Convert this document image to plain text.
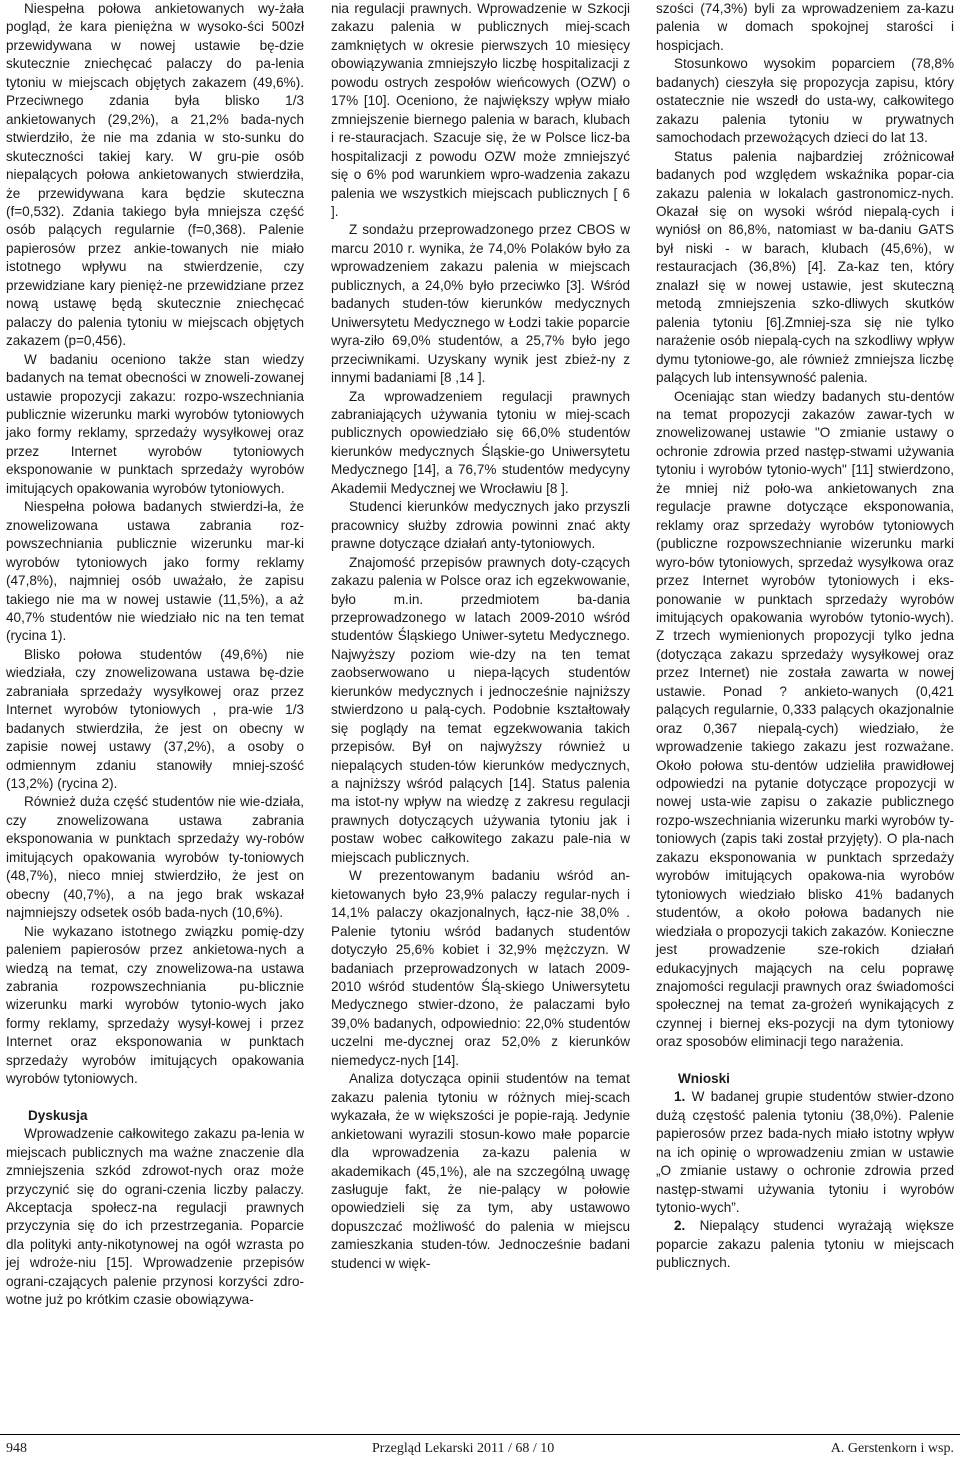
Niespełna połowa ankietowanych wy-żała pogląd, że kara pieniężna w wysoko-ści 500zł przewidywana w nowej ustawie bę-dzie skutecznie zniechęcać palaczy do pa-lenia tytoniu w miejscach objętych zakazem (49,6%). Przeciwnego zdania była blisko 1/3 ankietowanych (29,2%), a 21,2% bada-nych stwierdziło, że nie ma zdania w sto-sunku do skuteczności takiej kary. W gru-pie osób niepalących połowa ankietowanych stwierdziła, że przewidywana kara będzie skuteczna (f=0,532). Zdania takiego była mniejsza część osób palących regularnie (f=0,368). Palenie papierosów przez ankie-towanych nie miało istotnego wpływu na stwierdzenie, czy przewidziane kary pienięż-ne przewidziane przez nową ustawę będą skutecznie zniechęcać palaczy do palenia tytoniu w miejscach objętych zakazem (p=0,456).

W badaniu oceniono także stan wiedzy badanych na temat obecności w znoweli-zowanej ustawie propozycji zakazu: rozpo-wszechniania publicznie wizerunku marki wyrobów tytoniowych jako formy reklamy, sprzedaży wysyłkowej oraz przez Internet wyrobów tytoniowych eksponowanie w punktach sprzedaży wyrobów imitujących opakowania wyrobów tytoniowych.

Niespełna połowa badanych stwierdzi-ła, że znowelizowana ustawa zabrania roz-powszechniania publicznie wizerunku mar-ki wyrobów tytoniowych jako formy reklamy (47,8%), najmniej osób uważało, że zapisu takiego nie ma w nowej ustawie (11,5%), a aż 40,7% studentów nie wiedziało nic na ten temat (rycina 1).

Blisko połowa studentów (49,6%) nie wiedziała, czy znowelizowana ustawa bę-dzie zabraniała sprzedaży wysyłkowej oraz przez Internet wyrobów tytoniowych , pra-wie 1/3 badanych stwierdziła, że jest on obecny w zapisie nowej ustawy (37,2%), a osoby o odmiennym zdaniu stanowiły mniej-szość (13,2%) (rycina 2).

Również duża część studentów nie wie-działa, czy znowelizowana ustawa zabrania eksponowania w punktach sprzedaży wy-robów imitujących opakowania wyrobów ty-toniowych (48,7%), nieco mniej stwierdziło, że jest on obecny (40,7%), a na jego brak wskazał najmniejszy odsetek osób bada-nych (10,6%).

Nie wykazano istotnego związku pomię-dzy paleniem papierosów przez ankietowa-nych a wiedzą na temat, czy znowelizowa-na ustawa zabrania rozpowszechniania pu-blicznie wizerunku marki wyrobów tytonio-wych jako formy reklamy, sprzedaży wysył-kowej i przez Internet oraz eksponowania w punktach sprzedaży wyrobów imitujących opakowania wyrobów tytoniowych.

Dyskusja

Wprowadzenie całkowitego zakazu pa-lenia w miejscach publicznych ma ważne znaczenie dla zmniejszenia szkód zdrowot-nych oraz może przyczynić się do ograni-czenia liczby palaczy. Akceptacja społecz-na regulacji prawnych przyczynia się do ich przestrzegania. Poparcie dla polityki anty-nikotynowej na ogół wzrasta po jej wdroże-niu [15]. Wprowadzenie przepisów ograni-czających palenie przynosi korzyści zdro-wotne już po krótkim czasie obowiązywa-

nia regulacji prawnych. Wprowadzenie w Szkocji zakazu palenia w publicznych miej-scach zamkniętych w okresie pierwszych 10 miesięcy obowiązywania zmniejszyło liczbę hospitalizacji z powodu ostrych zespołów wieńcowych (OZW) o 17% [10]. Oceniono, że największy wpływ miało zmniejszenie biernego palenia w barach, klubach i re-stauracjach. Szacuje się, że w Polsce licz-ba hospitalizacji z powodu OZW może zmniejszyć się o 6% pod warunkiem wpro-wadzenia zakazu palenia we wszystkich miejscach publicznych [ 6 ].

Z sondażu przeprowadzonego przez CBOS w marcu 2010 r. wynika, że 74,0% Polaków było za wprowadzeniem zakazu palenia w miejscach publicznych, a 24,0% było przeciwko [3]. Wśród badanych studen-tów kierunków medycznych Uniwersytetu Medycznego w Łodzi takie poparcie wyra-ziło 69,0% studentów, a 25,7% było jego przeciwnikami. Uzyskany wynik jest zbież-ny z innymi badaniami [8 ,14 ].

Za wprowadzeniem regulacji prawnych zabraniających używania tytoniu w miej-scach publicznych opowiedziało się 66,0% studentów kierunków medycznych Śląskie-go Uniwersytetu Medycznego [14], a 76,7% studentów medycyny Akademii Medycznej we Wrocławiu [8 ].

Studenci kierunków medycznych jako przyszli pracownicy służby zdrowia powinni znać akty prawne dotyczące działań anty-tytoniowych.

Znajomość przepisów prawnych doty-czących zakazu palenia w Polsce oraz ich egzekwowanie, było m.in. przedmiotem ba-dania przeprowadzonego w latach 2009-2010 wśród studentów Śląskiego Uniwer-sytetu Medycznego. Najwyższy poziom wie-dzy na ten temat zaobserwowano u niepa-lących studentów kierunków medycznych i jednocześnie najniższy stwierdzono u palą-cych. Podobnie kształtowały się poglądy na temat egzekwowania takich przepisów. Był on najwyższy również u niepalących studen-tów kierunków medycznych, a najniższy wśród palących [14]. Status palenia ma istot-ny wpływ na wiedzę z zakresu regulacji prawnych dotyczących używania tytoniu jak i postaw wobec całkowitego zakazu pale-nia w miejscach publicznych.

W prezentowanym badaniu wśród an-kietowanych było 23,9% palaczy regular-nych i 14,1% palaczy okazjonalnych, łącz-nie 38,0% . Palenie tytoniu wśród badanych studentów dotyczyło 25,6% kobiet i 32,9% mężczyzn. W badaniach przeprowadzonych w latach 2009-2010 wśród studentów Ślą-skiego Uniwersytetu Medycznego stwier-dzono, że palaczami było 39,0% badanych, odpowiednio: 22,0% studentów uczelni me-dycznej oraz 52,0% z kierunków niemedycz-nych [14].

Analiza dotycząca opinii studentów na temat zakazu palenia tytoniu w różnych miej-scach wykazała, że w większości je popie-rają. Jedynie ankietowani wyrazili stosun-kowo małe poparcie dla wprowadzenia za-kazu palenia w akademikach (45,1%), ale na szczególną uwagę zasługuje fakt, że nie-palący w połowie opowiedzieli się za tym, aby ustawowo dopuszczać możliwość do palenia w miejscu zamieszkania studen-tów. Jednocześnie badani studenci w więk-

szości (74,3%) byli za wprowadzeniem za-kazu palenia w domach spokojnej starości i hospicjach.

Stosunkowo wysokim poparciem (78,8% badanych) cieszyła się propozycja zapisu, który ostatecznie nie wszedł do usta-wy, całkowitego zakazu palenia tytoniu w prywatnych samochodach przewożących dzieci do lat 13.

Status palenia najbardziej zróżnicował badanych pod względem wskaźnika popar-cia zakazu palenia w lokalach gastronomicz-nych. Okazał się on wysoki wśród niepalą-cych i wyniósł on 86,8%, natomiast w ba-daniu GATS był niski - w barach, klubach (45,6%), w restauracjach (36,8%) [4]. Za-kaz ten, który znalazł się w nowej ustawie, jest skuteczną metodą zmniejszenia szko-dliwych skutków palenia tytoniu [6].Zmniej-sza się nie tylko narażenie osób niepalą-cych na szkodliwy wpływ dymu tytoniowe-go, ale również zmniejsza liczbę palących lub intensywność palenia.

Oceniając stan wiedzy badanych stu-dentów na temat propozycji zakazów zawar-tych w znowelizowanej ustawie "O zmianie ustawy o ochronie zdrowia przed następ-stwami używania tytoniu i wyrobów tytonio-wych" [11] stwierdzono, że mniej niż poło-wa ankietowanych zna regulacje prawne dotyczące eksponowania, reklamy oraz sprzedaży wyrobów tytoniowych (publiczne rozpowszechnianie wizerunku marki wyro-bów tytoniowych, sprzedaż wysyłkowa oraz przez Internet wyrobów tytoniowych i eks-ponowanie w punktach sprzedaży wyrobów imitujących opakowania wyrobów tytonio-wych). Z trzech wymienionych propozycji tylko jedna (dotycząca zakazu sprzedaży wysyłkowej oraz przez Internet) nie została zawarta w nowej ustawie. Ponad ? ankieto-wanych (0,421 palących regularnie, 0,333 palących okazjonalnie oraz 0,367 niepalą-cych) wiedziało, że wprowadzenie takiego zakazu jest rozważane. Około połowa stu-dentów udzieliła prawidłowej odpowiedzi na pytanie dotyczące propozycji w nowej usta-wie zapisu o zakazie publicznego rozpo-wszechniania wizerunku marki wyrobów ty-toniowych (zapis taki został przyjęty). O pla-nach zakazu eksponowania w punktach sprzedaży wyrobów imitujących opakowa-nia wyrobów tytoniowych wiedziało blisko 41% badanych studentów, a około połowa badanych nie wiedziała o propozycji takich zakazów. Konieczne jest prowadzenie sze-rokich działań edukacyjnych mających na celu poprawę znajomości regulacji prawnych oraz świadomości społecznej na temat za-grożeń wynikających z czynnej i biernej eks-pozycji na dym tytoniowy oraz sposobów eliminacji tego narażenia.

Wnioski

1. W badanej grupie studentów stwier-dzono dużą częstość palenia tytoniu (38,0%). Palenie papierosów przez bada-nych miało istotny wpływ na ich opinię o wprowadzeniu zmian w ustawie „O zmianie ustawy o ochronie zdrowia przed następ-stwami używania tytoniu i wyrobów tytonio-wych”.

2. Niepalący studenci wyrażają większe poparcie zakazu palenia tytoniu w miejscach publicznych.

948	Przegląd Lekarski 2011 / 68 / 10	A. Gerstenkorn i wsp.
